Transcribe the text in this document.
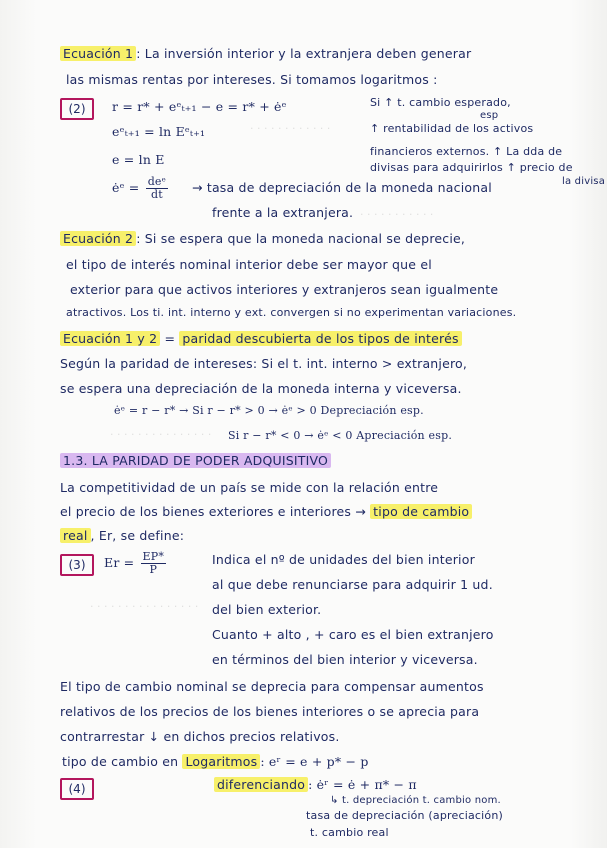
· · · · · · · · · · · ·
· · · · · · · · · · ·
· · · · · · · · · · · · · · ·
· · · · · · · · · · · · · · · ·
Ecuación 1 : La inversión interior y la extranjera deben generar
las mismas rentas por intereses. Si tomamos logaritmos :
(2)	r = r* + eᵉₜ₊₁ − e = r* + ėᵉ	Si ↑ t. cambio esperado,
esp
eᵉₜ₊₁ = ln Eᵉₜ₊₁	↑ rentabilidad de los activos
e = ln E
financieros externos. ↑ La dda de
divisas para adquirirlos ↑ precio de
la divisa
ėᵉ = $\frac{\text{deᵉ}}{dt}$ → tasa de depreciación de la moneda nacional
frente a la extranjera.
Ecuación 2 : Si se espera que la moneda nacional se deprecie,
el tipo de interés nominal interior debe ser mayor que el
exterior para que activos interiores y extranjeros sean igualmente
atractivos. Los ti. int. interno y ext. convergen si no experimentan variaciones.
Ecuación 1 y 2 = paridad descubierta de los tipos de interés
Según la paridad de intereses: Si el t. int. interno > extranjero,
se espera una depreciación de la moneda interna y viceversa.
ėᵉ = r − r* → Si r − r* > 0 → ėᵉ > 0 Depreciación esp.
Si r − r* < 0 → ėᵉ < 0 Apreciación esp.
1.3. LA PARIDAD DE PODER ADQUISITIVO
La competitividad de un país se mide con la relación entre
el precio de los bienes exteriores e interiores → tipo de cambio
real , Er, se define:
(3)	$Er = \frac{EP*}{P}$	Indica el nº de unidades del bien interior
al que debe renunciarse para adquirir 1 ud.
del bien exterior.
Cuanto + alto , + caro es el bien extranjero
en términos del bien interior y viceversa.
El tipo de cambio nominal se deprecia para compensar aumentos
relativos de los precios de los bienes interiores o se aprecia para
contrarrestar ↓ en dichos precios relativos.
tipo de cambio en Logaritmos : eʳ = e + p* − p
(4)	diferenciando : ėʳ = ė + π* − π
↳ t. depreciación t. cambio nom.
tasa de depreciación (apreciación)
t. cambio real
